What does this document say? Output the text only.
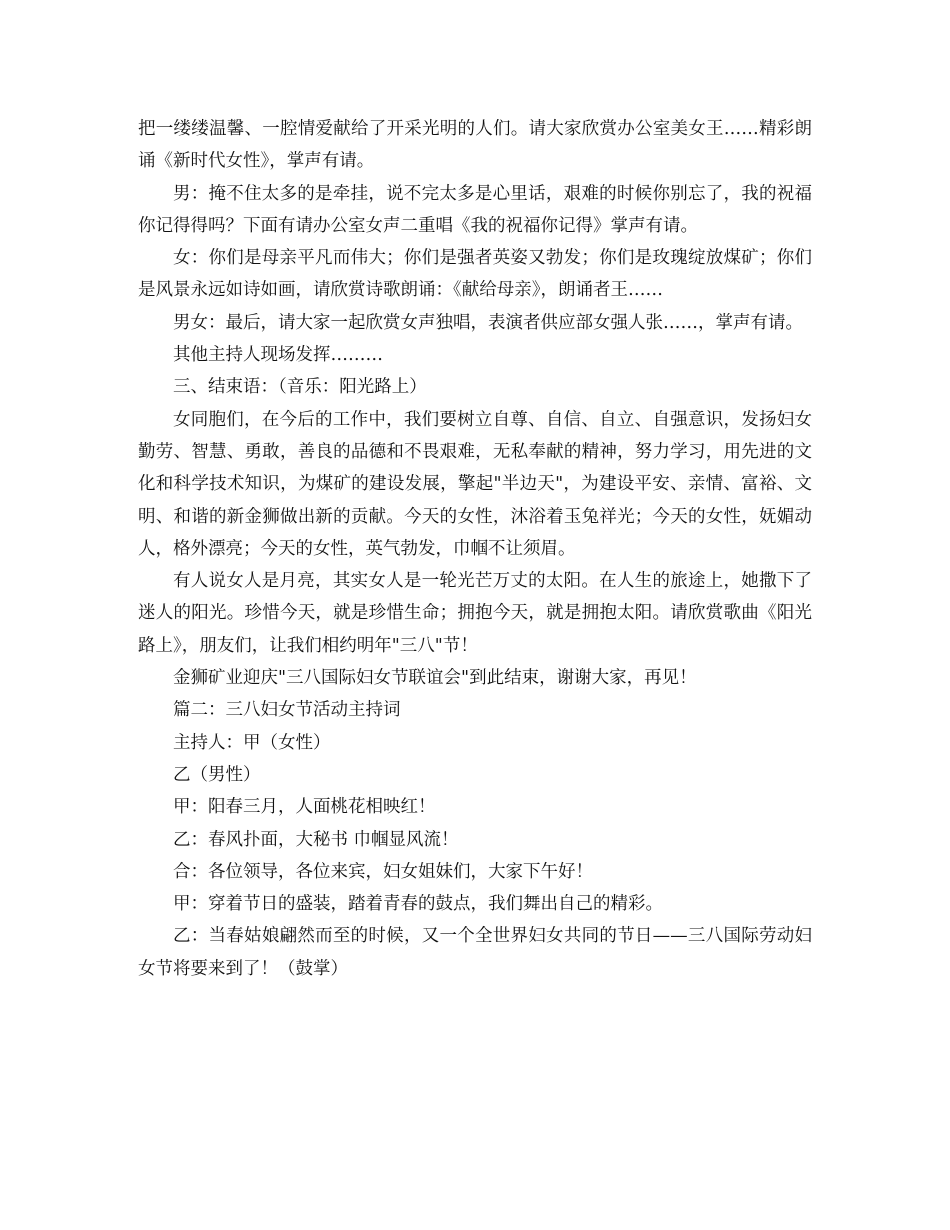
把一缕缕温馨、一腔情爱献给了开采光明的人们。请大家欣赏办公室美女王……精彩朗诵《新时代女性》，掌声有请。

男：掩不住太多的是牵挂，说不完太多是心里话，艰难的时候你别忘了，我的祝福你记得得吗？下面有请办公室女声二重唱《我的祝福你记得》掌声有请。

女：你们是母亲平凡而伟大；你们是强者英姿又勃发；你们是玫瑰绽放煤矿；你们是风景永远如诗如画，请欣赏诗歌朗诵：《献给母亲》，朗诵者王……

男女：最后，请大家一起欣赏女声独唱，表演者供应部女强人张……，掌声有请。

其他主持人现场发挥………

三、结束语：（音乐：阳光路上）

女同胞们，在今后的工作中，我们要树立自尊、自信、自立、自强意识，发扬妇女勤劳、智慧、勇敢，善良的品德和不畏艰难，无私奉献的精神，努力学习，用先进的文化和科学技术知识，为煤矿的建设发展，擎起"半边天"，为建设平安、亲情、富裕、文明、和谐的新金狮做出新的贡献。今天的女性，沐浴着玉兔祥光；今天的女性，妩媚动人，格外漂亮；今天的女性，英气勃发，巾帼不让须眉。

有人说女人是月亮，其实女人是一轮光芒万丈的太阳。在人生的旅途上，她撒下了迷人的阳光。珍惜今天，就是珍惜生命；拥抱今天，就是拥抱太阳。请欣赏歌曲《阳光路上》，朋友们，让我们相约明年"三八"节！

金狮矿业迎庆"三八国际妇女节联谊会"到此结束，谢谢大家，再见！

篇二：三八妇女节活动主持词

主持人：甲（女性）

乙（男性）

甲：阳春三月，人面桃花相映红！

乙：春风扑面，大秘书 巾帼显风流！

合：各位领导，各位来宾，妇女姐妹们，大家下午好！

甲：穿着节日的盛装，踏着青春的鼓点，我们舞出自己的精彩。

乙：当春姑娘翩然而至的时候，又一个全世界妇女共同的节日——三八国际劳动妇女节将要来到了！（鼓掌）
